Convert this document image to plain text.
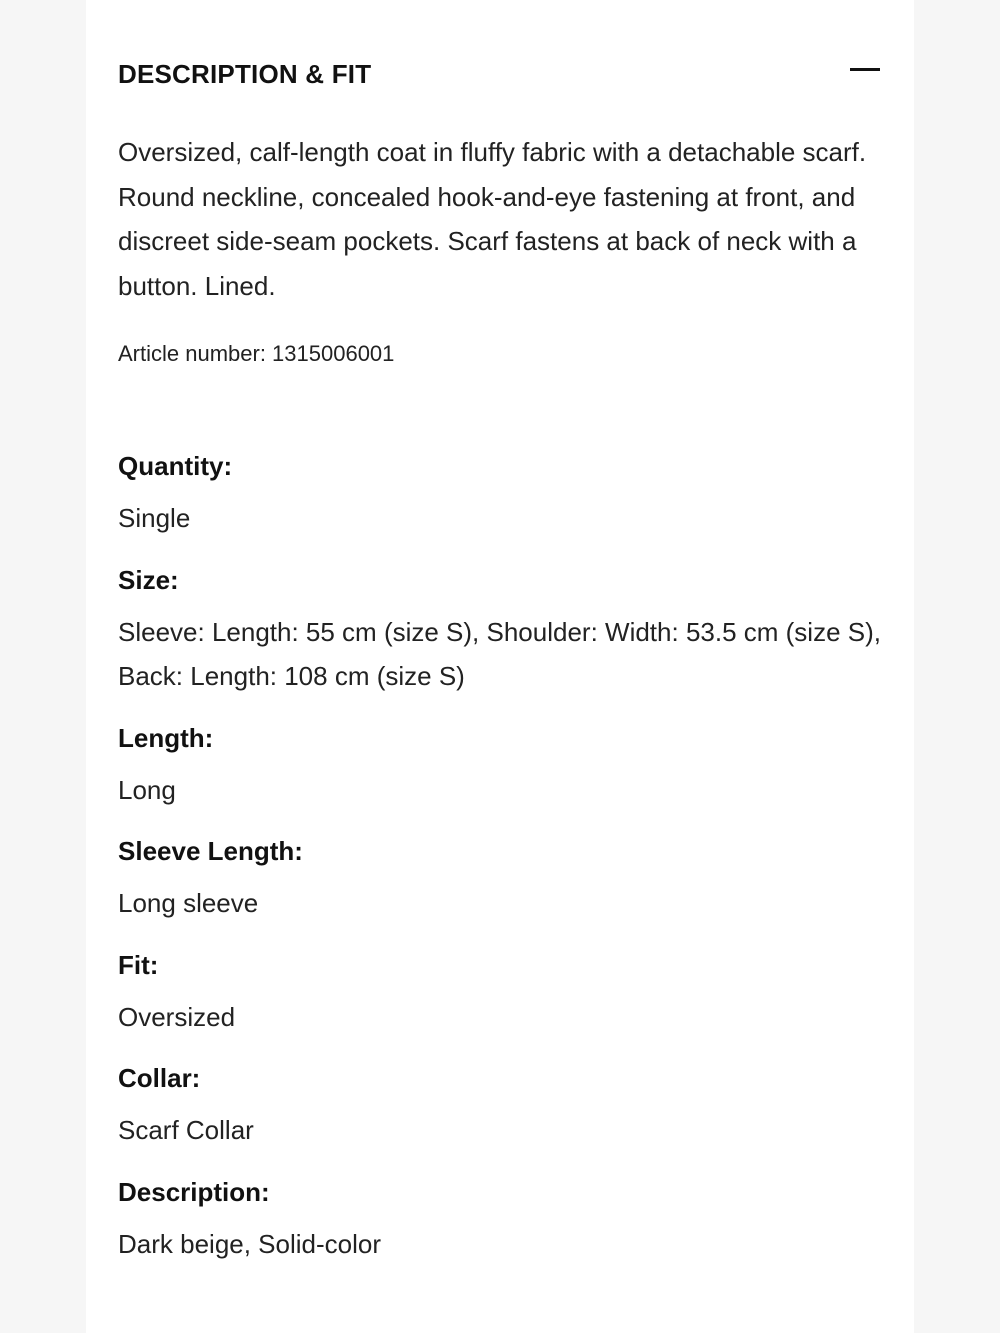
DESCRIPTION & FIT

Oversized, calf-length coat in fluffy fabric with a detachable scarf. Round neckline, concealed hook-and-eye fastening at front, and discreet side-seam pockets. Scarf fastens at back of neck with a button. Lined.

Article number: 1315006001

Quantity:

Single

Size:

Sleeve: Length: 55 cm (size S), Shoulder: Width: 53.5 cm (size S), Back: Length: 108 cm (size S)

Length:

Long

Sleeve Length:

Long sleeve

Fit:

Oversized

Collar:

Scarf Collar

Description:

Dark beige, Solid-color
